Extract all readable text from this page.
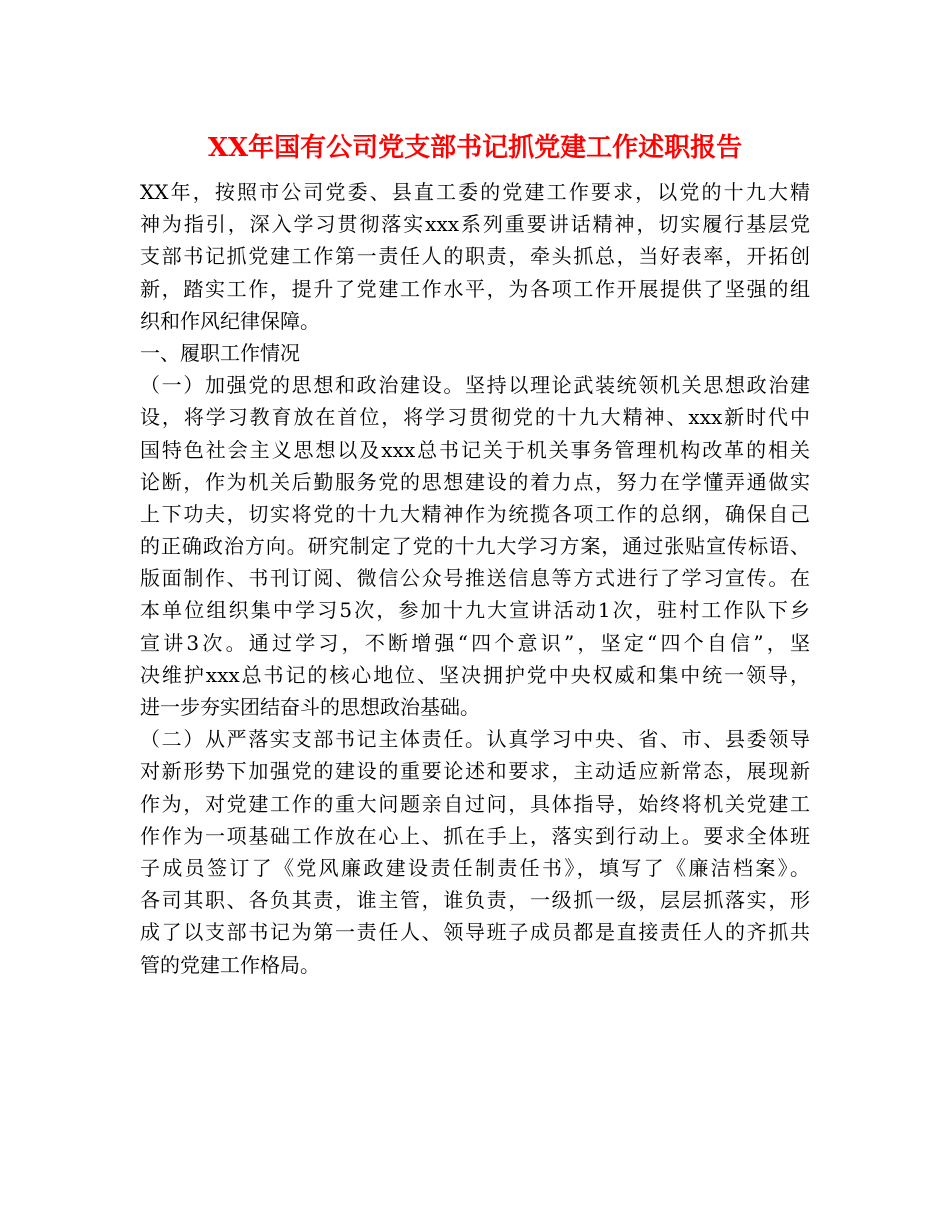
XX年国有公司党支部书记抓党建工作述职报告
XX年，按照市公司党委、县直工委的党建工作要求，以党的十九大精
神为指引，深入学习贯彻落实xxx系列重要讲话精神，切实履行基层党
支部书记抓党建工作第一责任人的职责，牵头抓总，当好表率，开拓创
新，踏实工作，提升了党建工作水平，为各项工作开展提供了坚强的组
织和作风纪律保障。
一、履职工作情况
（一）加强党的思想和政治建设。坚持以理论武装统领机关思想政治建
设，将学习教育放在首位，将学习贯彻党的十九大精神、xxx新时代中
国特色社会主义思想以及xxx总书记关于机关事务管理机构改革的相关
论断，作为机关后勤服务党的思想建设的着力点，努力在学懂弄通做实
上下功夫，切实将党的十九大精神作为统揽各项工作的总纲，确保自己
的正确政治方向。研究制定了党的十九大学习方案，通过张贴宣传标语、
版面制作、书刊订阅、微信公众号推送信息等方式进行了学习宣传。在
本单位组织集中学习5次，参加十九大宣讲活动1次，驻村工作队下乡
宣讲3次。通过学习，不断增强“四个意识”，坚定“四个自信”，坚
决维护xxx总书记的核心地位、坚决拥护党中央权威和集中统一领导，
进一步夯实团结奋斗的思想政治基础。
（二）从严落实支部书记主体责任。认真学习中央、省、市、县委领导
对新形势下加强党的建设的重要论述和要求，主动适应新常态，展现新
作为，对党建工作的重大问题亲自过问，具体指导，始终将机关党建工
作作为一项基础工作放在心上、抓在手上，落实到行动上。要求全体班
子成员签订了《党风廉政建设责任制责任书》，填写了《廉洁档案》。
各司其职、各负其责，谁主管，谁负责，一级抓一级，层层抓落实，形
成了以支部书记为第一责任人、领导班子成员都是直接责任人的齐抓共
管的党建工作格局。
